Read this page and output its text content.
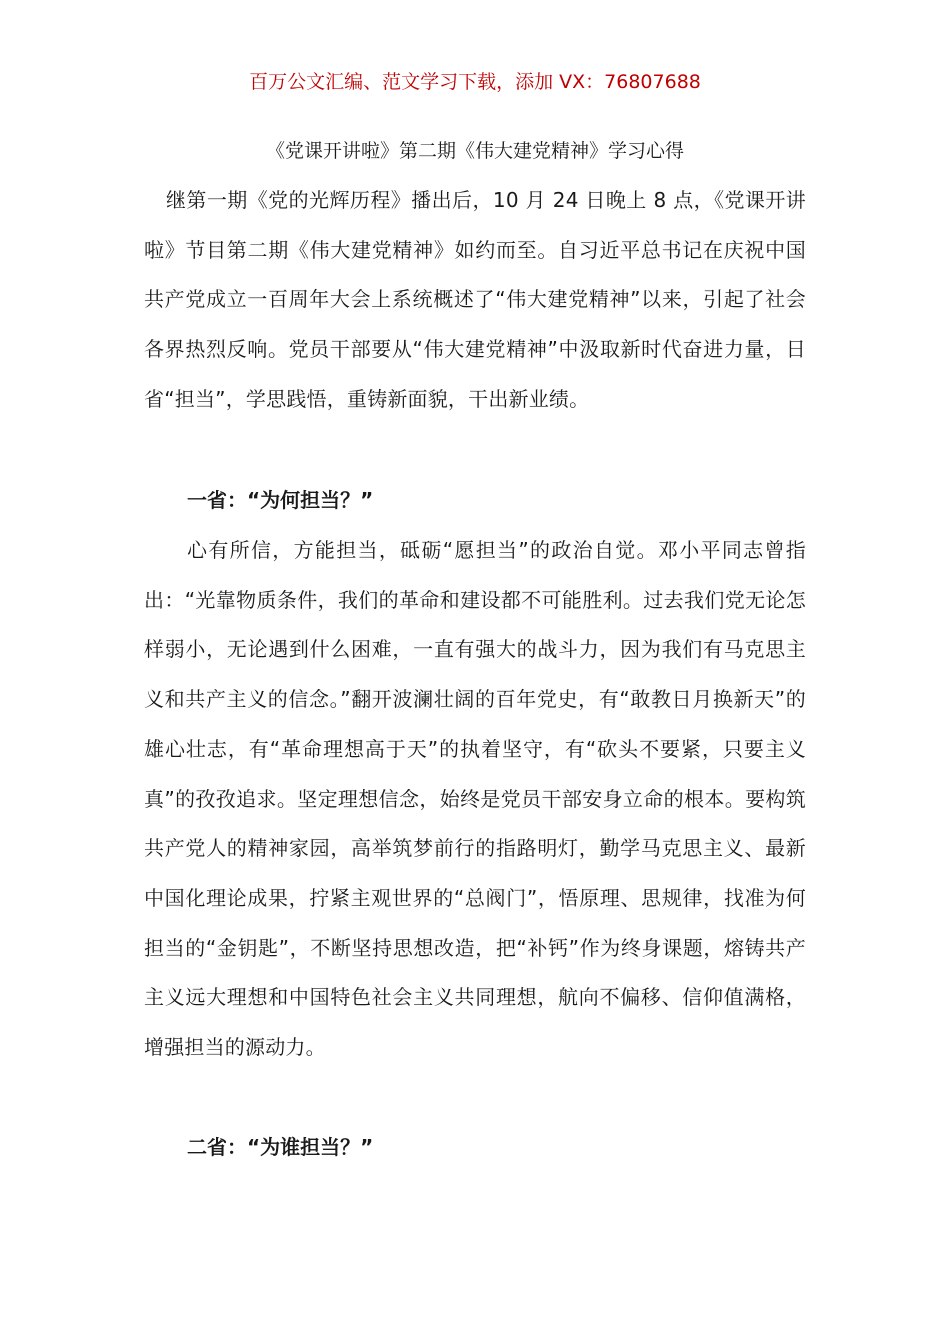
百万公文汇编、范文学习下载，添加 VX：76807688
《党课开讲啦》第二期《伟大建党精神》学习心得
继第一期《党的光辉历程》播出后，10 月 24 日晚上 8 点，《党课开讲啦》节目第二期《伟大建党精神》如约而至。自习近平总书记在庆祝中国共产党成立一百周年大会上系统概述了“伟大建党精神”以来，引起了社会各界热烈反响。党员干部要从“伟大建党精神”中汲取新时代奋进力量，日省“担当”，学思践悟，重铸新面貌，干出新业绩。
一省：“为何担当？”
心有所信，方能担当，砥砺“愿担当”的政治自觉。邓小平同志曾指出：“光靠物质条件，我们的革命和建设都不可能胜利。过去我们党无论怎样弱小，无论遇到什么困难，一直有强大的战斗力，因为我们有马克思主义和共产主义的信念。”翻开波澜壮阔的百年党史，有“敢教日月换新天”的雄心壮志，有“革命理想高于天”的执着坚守，有“砍头不要紧，只要主义真”的孜孜追求。坚定理想信念，始终是党员干部安身立命的根本。要构筑共产党人的精神家园，高举筑梦前行的指路明灯，勤学马克思主义、最新中国化理论成果，拧紧主观世界的“总阀门”，悟原理、思规律，找准为何担当的“金钥匙”，不断坚持思想改造，把“补钙”作为终身课题，熔铸共产主义远大理想和中国特色社会主义共同理想，航向不偏移、信仰值满格，增强担当的源动力。
二省：“为谁担当？”
